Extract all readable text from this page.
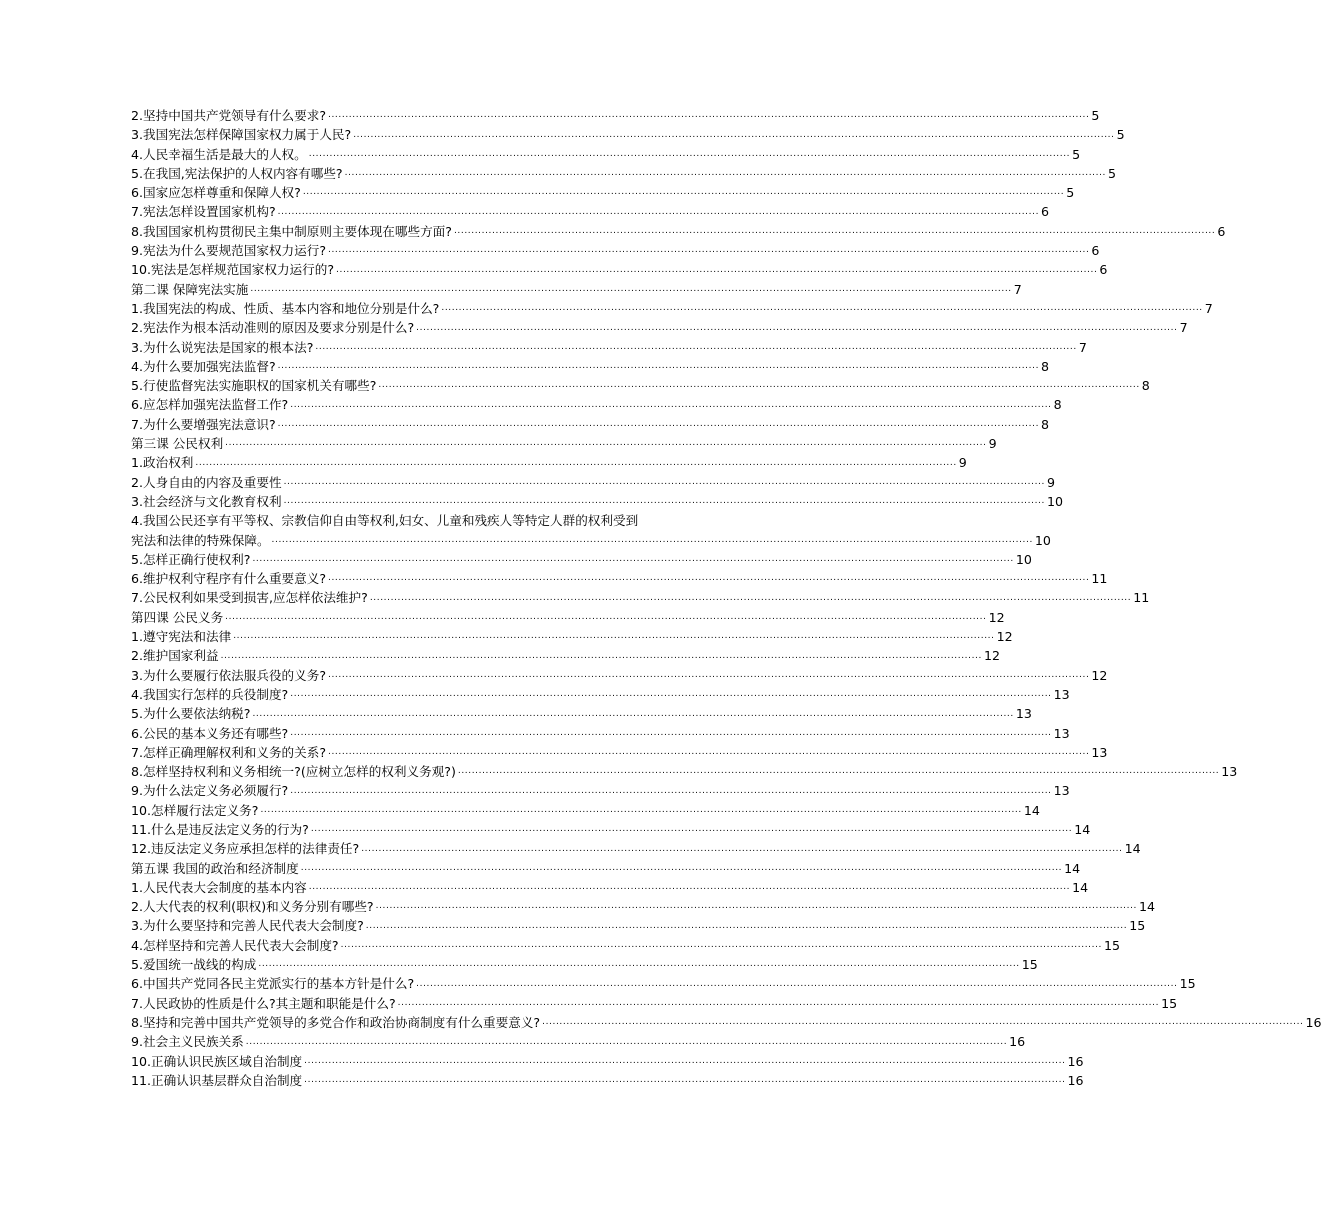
2.坚持中国共产党领导有什么要求? ............................................................................................................................................................................................................................ 5
3.我国宪法怎样保障国家权力属于人民? ............................................................................................................................................................................................................................ 5
4.人民幸福生活是最大的人权。 ............................................................................................................................................................................................................................ 5
5.在我国,宪法保护的人权内容有哪些? ............................................................................................................................................................................................................................ 5
6.国家应怎样尊重和保障人权? ............................................................................................................................................................................................................................ 5
7.宪法怎样设置国家机构? ............................................................................................................................................................................................................................ 6
8.我国国家机构贯彻民主集中制原则主要体现在哪些方面? ............................................................................................................................................................................................................................ 6
9.宪法为什么要规范国家权力运行? ............................................................................................................................................................................................................................ 6
10.宪法是怎样规范国家权力运行的? ............................................................................................................................................................................................................................ 6
第二课 保障宪法实施 ............................................................................................................................................................................................................................ 7
1.我国宪法的构成、性质、基本内容和地位分别是什么? ............................................................................................................................................................................................................................ 7
2.宪法作为根本活动准则的原因及要求分别是什么? ............................................................................................................................................................................................................................ 7
3.为什么说宪法是国家的根本法? ............................................................................................................................................................................................................................ 7
4.为什么要加强宪法监督? ............................................................................................................................................................................................................................ 8
5.行使监督宪法实施职权的国家机关有哪些? ............................................................................................................................................................................................................................ 8
6.应怎样加强宪法监督工作? ............................................................................................................................................................................................................................ 8
7.为什么要增强宪法意识? ............................................................................................................................................................................................................................ 8
第三课 公民权利 ............................................................................................................................................................................................................................ 9
1.政治权利 ............................................................................................................................................................................................................................ 9
2.人身自由的内容及重要性 ............................................................................................................................................................................................................................ 9
3.社会经济与文化教育权利 ............................................................................................................................................................................................................................ 10
4.我国公民还享有平等权、宗教信仰自由等权利,妇女、儿童和残疾人等特定人群的权利受到
宪法和法律的特殊保障。 ............................................................................................................................................................................................................................ 10
5.怎样正确行使权利? ............................................................................................................................................................................................................................ 10
6.维护权利守程序有什么重要意义? ............................................................................................................................................................................................................................ 11
7.公民权利如果受到损害,应怎样依法维护? ............................................................................................................................................................................................................................ 11
第四课 公民义务 ............................................................................................................................................................................................................................ 12
1.遵守宪法和法律 ............................................................................................................................................................................................................................ 12
2.维护国家利益 ............................................................................................................................................................................................................................ 12
3.为什么要履行依法服兵役的义务? ............................................................................................................................................................................................................................ 12
4.我国实行怎样的兵役制度? ............................................................................................................................................................................................................................ 13
5.为什么要依法纳税? ............................................................................................................................................................................................................................ 13
6.公民的基本义务还有哪些? ............................................................................................................................................................................................................................ 13
7.怎样正确理解权利和义务的关系? ............................................................................................................................................................................................................................ 13
8.怎样坚持权利和义务相统一?(应树立怎样的权利义务观?) ............................................................................................................................................................................................................................ 13
9.为什么法定义务必须履行? ............................................................................................................................................................................................................................ 13
10.怎样履行法定义务? ............................................................................................................................................................................................................................ 14
11.什么是违反法定义务的行为? ............................................................................................................................................................................................................................ 14
12.违反法定义务应承担怎样的法律责任? ............................................................................................................................................................................................................................ 14
第五课 我国的政治和经济制度 ............................................................................................................................................................................................................................ 14
1.人民代表大会制度的基本内容 ............................................................................................................................................................................................................................ 14
2.人大代表的权利(职权)和义务分别有哪些? ............................................................................................................................................................................................................................ 14
3.为什么要坚持和完善人民代表大会制度? ............................................................................................................................................................................................................................ 15
4.怎样坚持和完善人民代表大会制度? ............................................................................................................................................................................................................................ 15
5.爱国统一战线的构成 ............................................................................................................................................................................................................................ 15
6.中国共产党同各民主党派实行的基本方针是什么? ............................................................................................................................................................................................................................ 15
7.人民政协的性质是什么?其主题和职能是什么? ............................................................................................................................................................................................................................ 15
8.坚持和完善中国共产党领导的多党合作和政治协商制度有什么重要意义? ............................................................................................................................................................................................................................ 16
9.社会主义民族关系 ............................................................................................................................................................................................................................ 16
10.正确认识民族区域自治制度 ............................................................................................................................................................................................................................ 16
11.正确认识基层群众自治制度 ............................................................................................................................................................................................................................ 16
